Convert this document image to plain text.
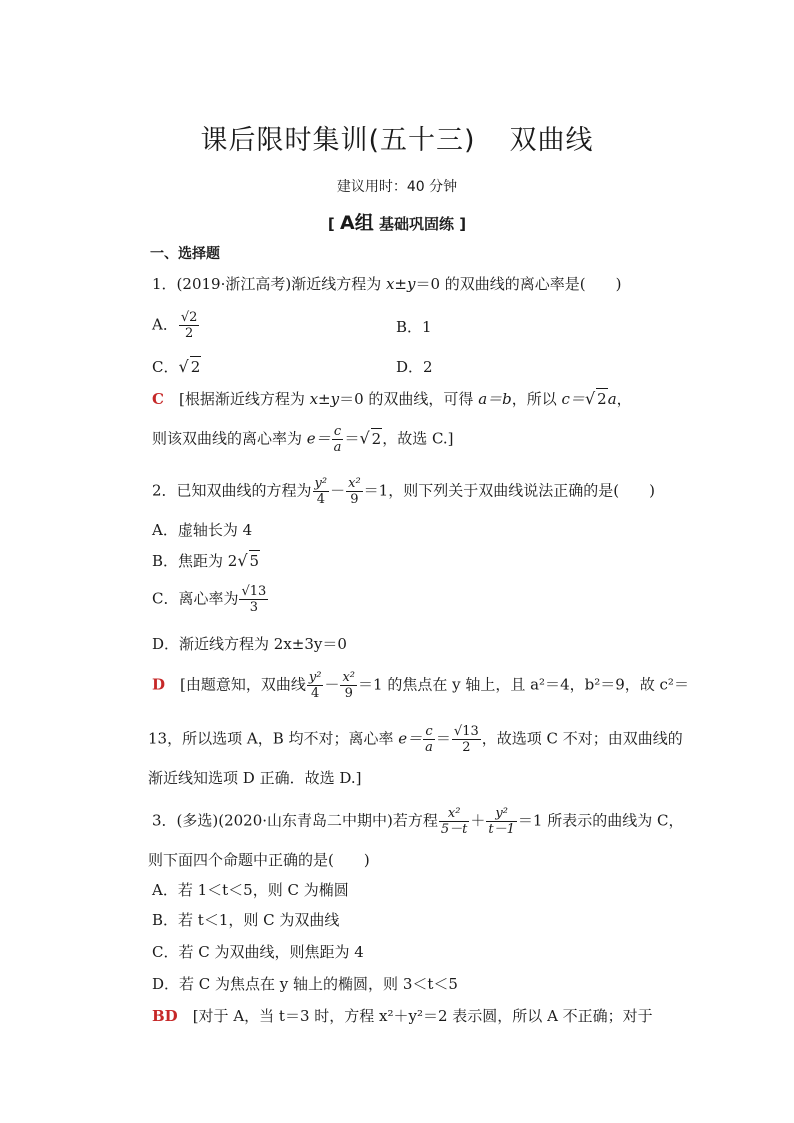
课后限时集训(五十三) 双曲线
建议用时：40 分钟
[ A组 基础巩固练 ]
一、选择题
1．(2019·浙江高考)渐近线方程为 x±y＝0 的双曲线的离心率是(　　)
A． $\frac{√2}{2}$	B．1
C．√ 2	D．2
C　 [根据渐近线方程为 x±y＝0 的双曲线，可得 a＝b，所以 c＝√ 2a，
则该双曲线的离心率为 $e= \frac{c}{a}$ ＝√ 2，故选 C.]
2．已知双曲线的方程为 $\frac{\text{y²}}{4} - \frac{\text{x²}}{9} =1$，则下列关于双曲线说法正确的是(　　)
A．虚轴长为 4
B．焦距为 2√ 5
C．离心率为 $\frac{√13}{3}$
D．渐近线方程为 2x±3y＝0
D　 [由题意知，双曲线 $\frac{\text{y²}}{4} - \frac{\text{x²}}{9} =1$ 的焦点在 y 轴上，且 a²＝4，b²＝9，故 c²＝
13，所以选项 A，B 均不对；离心率 $e= \frac{c}{a} = \frac{√13}{2}$ ，故选项 C 不对；由双曲线的
渐近线知选项 D 正确．故选 D.]
3．(多选)(2020·山东青岛二中期中)若方程 $\frac{\text{x²}}{5-t} + \frac{\text{y²}}{t-1} =1$ 所表示的曲线为 C，
则下面四个命题中正确的是(　　)
A．若 1＜t＜5，则 C 为椭圆
B．若 t＜1，则 C 为双曲线
C．若 C 为双曲线，则焦距为 4
D．若 C 为焦点在 y 轴上的椭圆，则 3＜t＜5
BD　 [对于 A，当 t＝3 时，方程 x²＋y²＝2 表示圆，所以 A 不正确；对于
